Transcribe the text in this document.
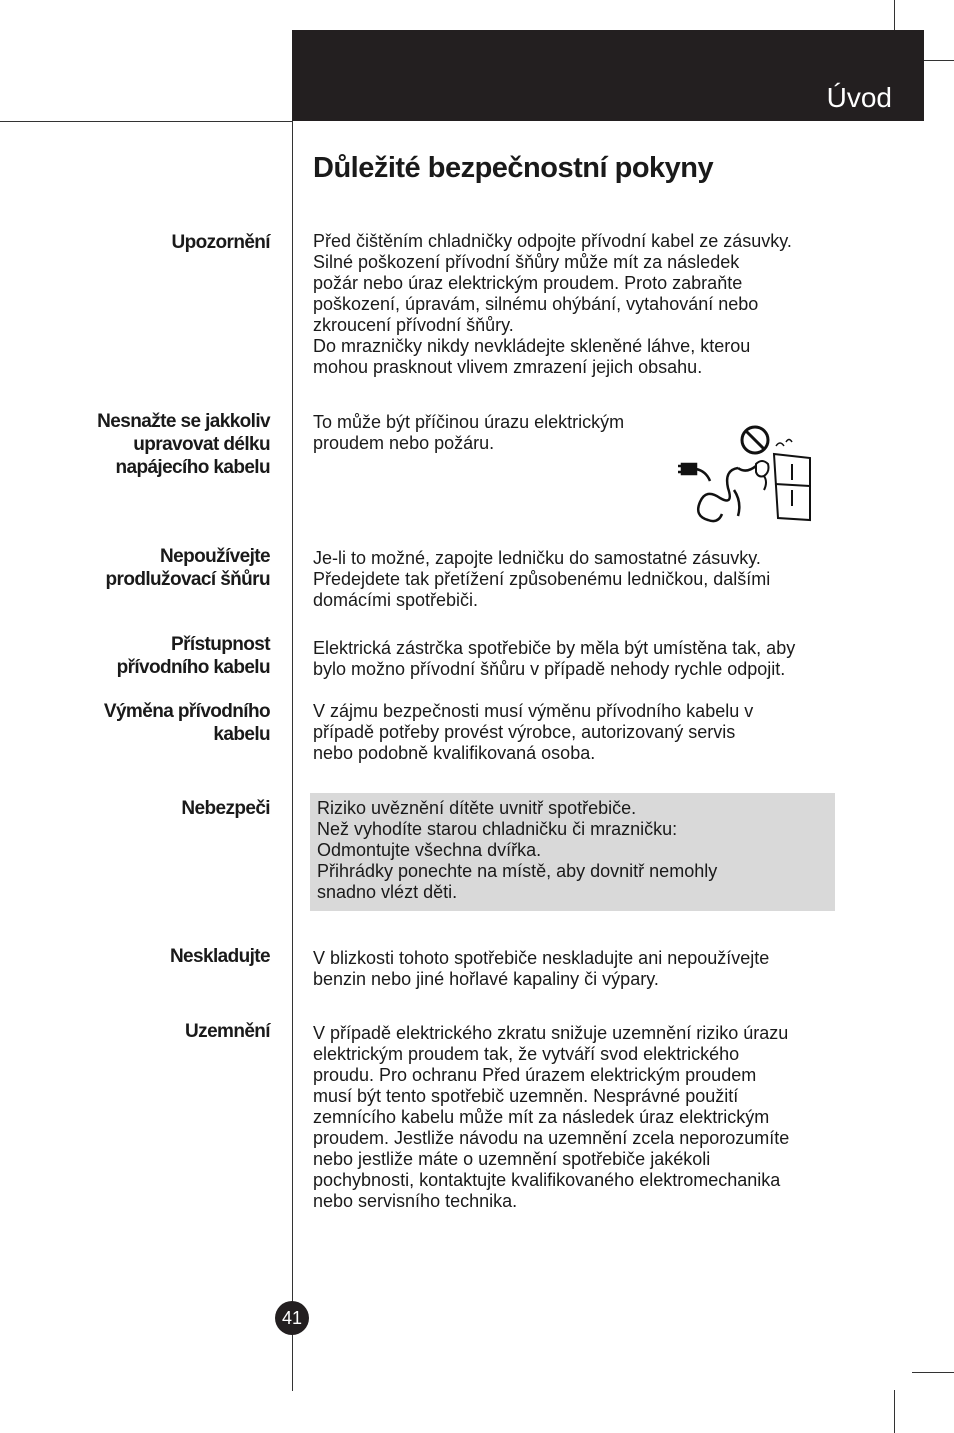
Úvod
Důležité bezpečnostní pokyny
Upozornění Před čištěním chladničky odpojte přívodní kabel ze zásuvky.

Silné poškození přívodní šňůry může mít za následek

požár nebo úraz elektrickým proudem. Proto zabraňte

poškození, úpravám, silnému ohýbání, vytahování nebo

zkroucení přívodní šňůry.

Do mrazničky nikdy nevkládejte skleněné láhve, kterou

mohou prasknout vlivem zmrazení jejich obsahu.

Nesnažte se jakkoliv
upravovat délku
napájecího kabelu

To může být příčinou úrazu elektrickým

proudem nebo požáru.

Nepoužívejte
prodlužovací šňůru

Je-li to možné, zapojte ledničku do samostatné zásuvky.

Předejdete tak přetížení způsobenému ledničkou, dalšími

domácími spotřebiči.

Přístupnost
přívodního kabelu

Elektrická zástrčka spotřebiče by měla být umístěna tak, aby

bylo možno přívodní šňůru v případě nehody rychle odpojit.

Výměna přívodního
kabelu

V zájmu bezpečnosti musí výměnu přívodního kabelu v

případě potřeby provést výrobce, autorizovaný servis

nebo podobně kvalifikovaná osoba.

Nebezpeči	Riziko uvěznění dítěte uvnitř spotřebiče.

Než vyhodíte starou chladničku či mrazničku:

Odmontujte všechna dvířka.

Přihrádky ponechte na místě, aby dovnitř nemohly

snadno vlézt děti.

Neskladujte V blizkosti tohoto spotřebiče neskladujte ani nepoužívejte

benzin nebo jiné hořlavé kapaliny či výpary.

Uzemnění V případě elektrického zkratu snižuje uzemnění riziko úrazu

elektrickým proudem tak, že vytváří svod elektrického

proudu. Pro ochranu Před úrazem elektrickým proudem

musí být tento spotřebič uzemněn. Nesprávné použití

zemnícího kabelu může mít za následek úraz elektrickým

proudem. Jestliže návodu na uzemnění zcela neporozumíte

nebo jestliže máte o uzemnění spotřebiče jakékoli

pochybnosti, kontaktujte kvalifikovaného elektromechanika

nebo servisního technika.

41
